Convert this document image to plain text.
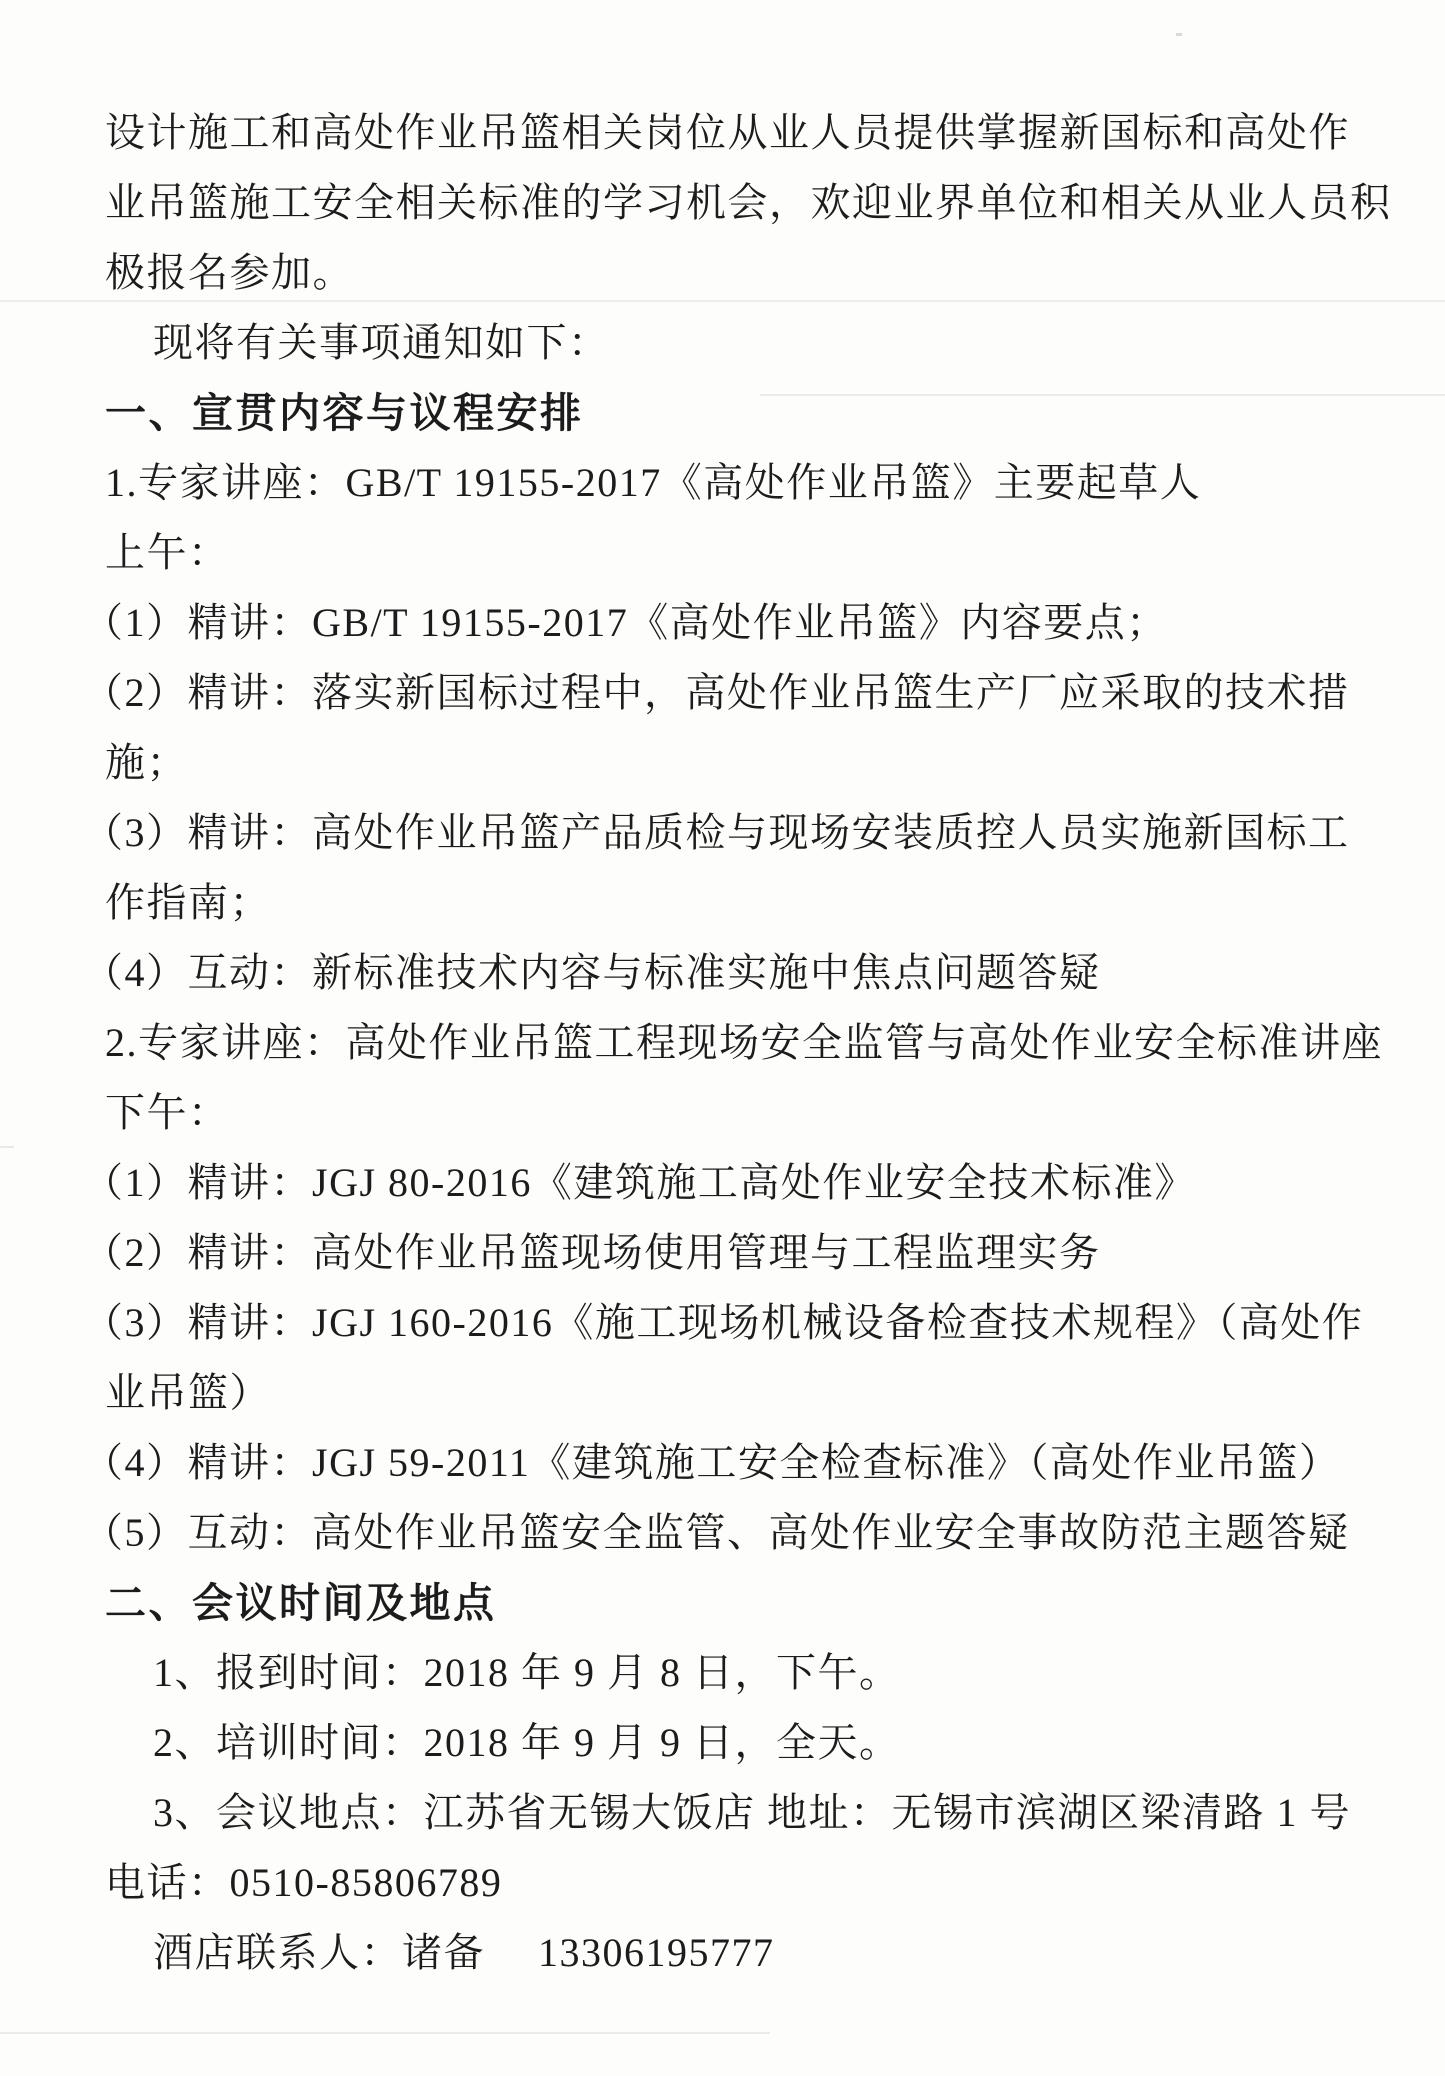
设计施工和高处作业吊篮相关岗位从业人员提供掌握新国标和高处作
业吊篮施工安全相关标准的学习机会，欢迎业界单位和相关从业人员积
极报名参加。
现将有关事项通知如下：
一、宣贯内容与议程安排
1.专家讲座：GB/T 19155-2017《高处作业吊篮》主要起草人
上午：
（1）精讲：GB/T 19155-2017《高处作业吊篮》内容要点；
（2）精讲：落实新国标过程中，高处作业吊篮生产厂应采取的技术措
施；
（3）精讲：高处作业吊篮产品质检与现场安装质控人员实施新国标工
作指南；
（4）互动：新标准技术内容与标准实施中焦点问题答疑
2.专家讲座：高处作业吊篮工程现场安全监管与高处作业安全标准讲座
下午：
（1）精讲：JGJ 80-2016《建筑施工高处作业安全技术标准》
（2）精讲：高处作业吊篮现场使用管理与工程监理实务
（3）精讲：JGJ 160-2016《施工现场机械设备检查技术规程》（高处作
业吊篮）
（4）精讲：JGJ 59-2011《建筑施工安全检查标准》（高处作业吊篮）
（5）互动：高处作业吊篮安全监管、高处作业安全事故防范主题答疑
二、会议时间及地点
1、报到时间：2018 年 9 月 8 日，下午。
2、培训时间：2018 年 9 月 9 日，全天。
3、会议地点：江苏省无锡大饭店 地址：无锡市滨湖区梁清路 1 号
电话：0510-85806789
酒店联系人：诸备　 13306195777
